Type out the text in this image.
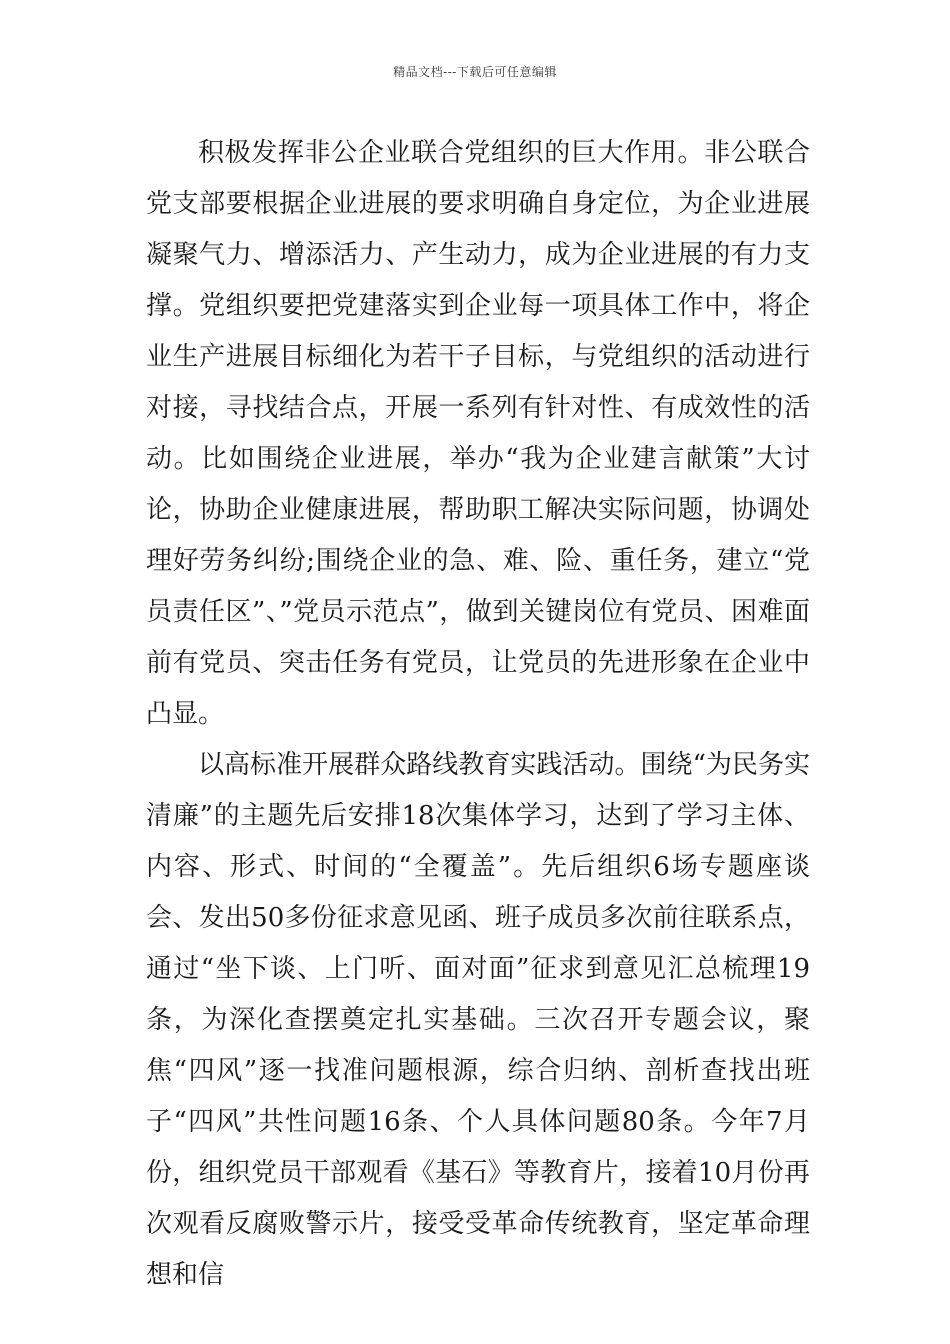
精品文档---下载后可任意编辑

积极发挥非公企业联合党组织的巨大作用。非公联合党支部要根据企业进展的要求明确自身定位，为企业进展凝聚气力、增添活力、产生动力，成为企业进展的有力支撑。党组织要把党建落实到企业每一项具体工作中，将企业生产进展目标细化为若干子目标，与党组织的活动进行对接，寻找结合点，开展一系列有针对性、有成效性的活动。比如围绕企业进展，举办“我为企业建言献策”大讨论，协助企业健康进展，帮助职工解决实际问题，协调处理好劳务纠纷;围绕企业的急、难、险、重任务，建立“党员责任区”、”党员示范点”，做到关键岗位有党员、困难面前有党员、突击任务有党员，让党员的先进形象在企业中凸显。

以高标准开展群众路线教育实践活动。围绕“为民务实清廉”的主题先后安排18次集体学习，达到了学习主体、内容、形式、时间的“全覆盖”。先后组织6场专题座谈会、发出50多份征求意见函、班子成员多次前往联系点，通过“坐下谈、上门听、面对面”征求到意见汇总梳理19条，为深化查摆奠定扎实基础。三次召开专题会议，聚焦“四风”逐一找准问题根源，综合归纳、剖析查找出班子“四风”共性问题16条、个人具体问题80条。今年7月份，组织党员干部观看《基石》等教育片，接着10月份再次观看反腐败警示片，接受受革命传统教育，坚定革命理想和信
